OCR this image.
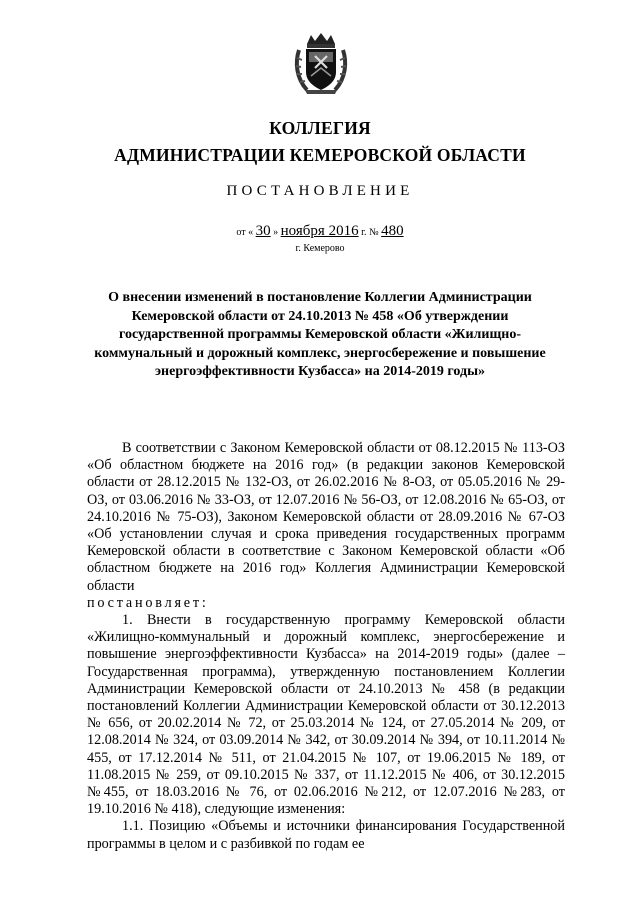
КОЛЛЕГИЯ
АДМИНИСТРАЦИИ КЕМЕРОВСКОЙ ОБЛАСТИ
ПОСТАНОВЛЕНИЕ
от « 30 » ноября 2016 г. № 480
г. Кемерово
О внесении изменений в постановление Коллегии Администрации Кемеровской области от 24.10.2013 № 458 «Об утверждении государственной программы Кемеровской области «Жилищно-коммунальный и дорожный комплекс, энергосбережение и повышение энергоэффективности Кузбасса» на 2014-2019 годы»

В соответствии с Законом Кемеровской области от 08.12.2015 № 113-ОЗ «Об областном бюджете на 2016 год» (в редакции законов Кемеровской области от 28.12.2015 № 132-ОЗ, от 26.02.2016 № 8-ОЗ, от 05.05.2016 № 29-ОЗ, от 03.06.2016 № 33-ОЗ, от 12.07.2016 № 56-ОЗ, от 12.08.2016 № 65-ОЗ, от 24.10.2016 № 75-ОЗ), Законом Кемеровской области от 28.09.2016 № 67-ОЗ «Об установлении случая и срока приведения государственных программ Кемеровской области в соответствие с Законом Кемеровской области «Об областном бюджете на 2016 год» Коллегия Администрации Кемеровской области

постановляет:

1. Внести в государственную программу Кемеровской области «Жилищно-коммунальный и дорожный комплекс, энергосбережение и повышение энергоэффективности Кузбасса» на 2014-2019 годы» (далее – Государственная программа), утвержденную постановлением Коллегии Администрации Кемеровской области от 24.10.2013 № 458 (в редакции постановлений Коллегии Администрации Кемеровской области от 30.12.2013 № 656, от 20.02.2014 № 72, от 25.03.2014 № 124, от 27.05.2014 № 209, от 12.08.2014 № 324, от 03.09.2014 № 342, от 30.09.2014 № 394, от 10.11.2014 № 455, от 17.12.2014 № 511, от 21.04.2015 № 107, от 19.06.2015 № 189, от 11.08.2015 № 259, от 09.10.2015 № 337, от 11.12.2015 № 406, от 30.12.2015 №455, от 18.03.2016 № 76, от 02.06.2016 №212, от 12.07.2016 №283, от 19.10.2016 № 418), следующие изменения:

1.1. Позицию «Объемы и источники финансирования Государственной программы в целом и с разбивкой по годам ее
